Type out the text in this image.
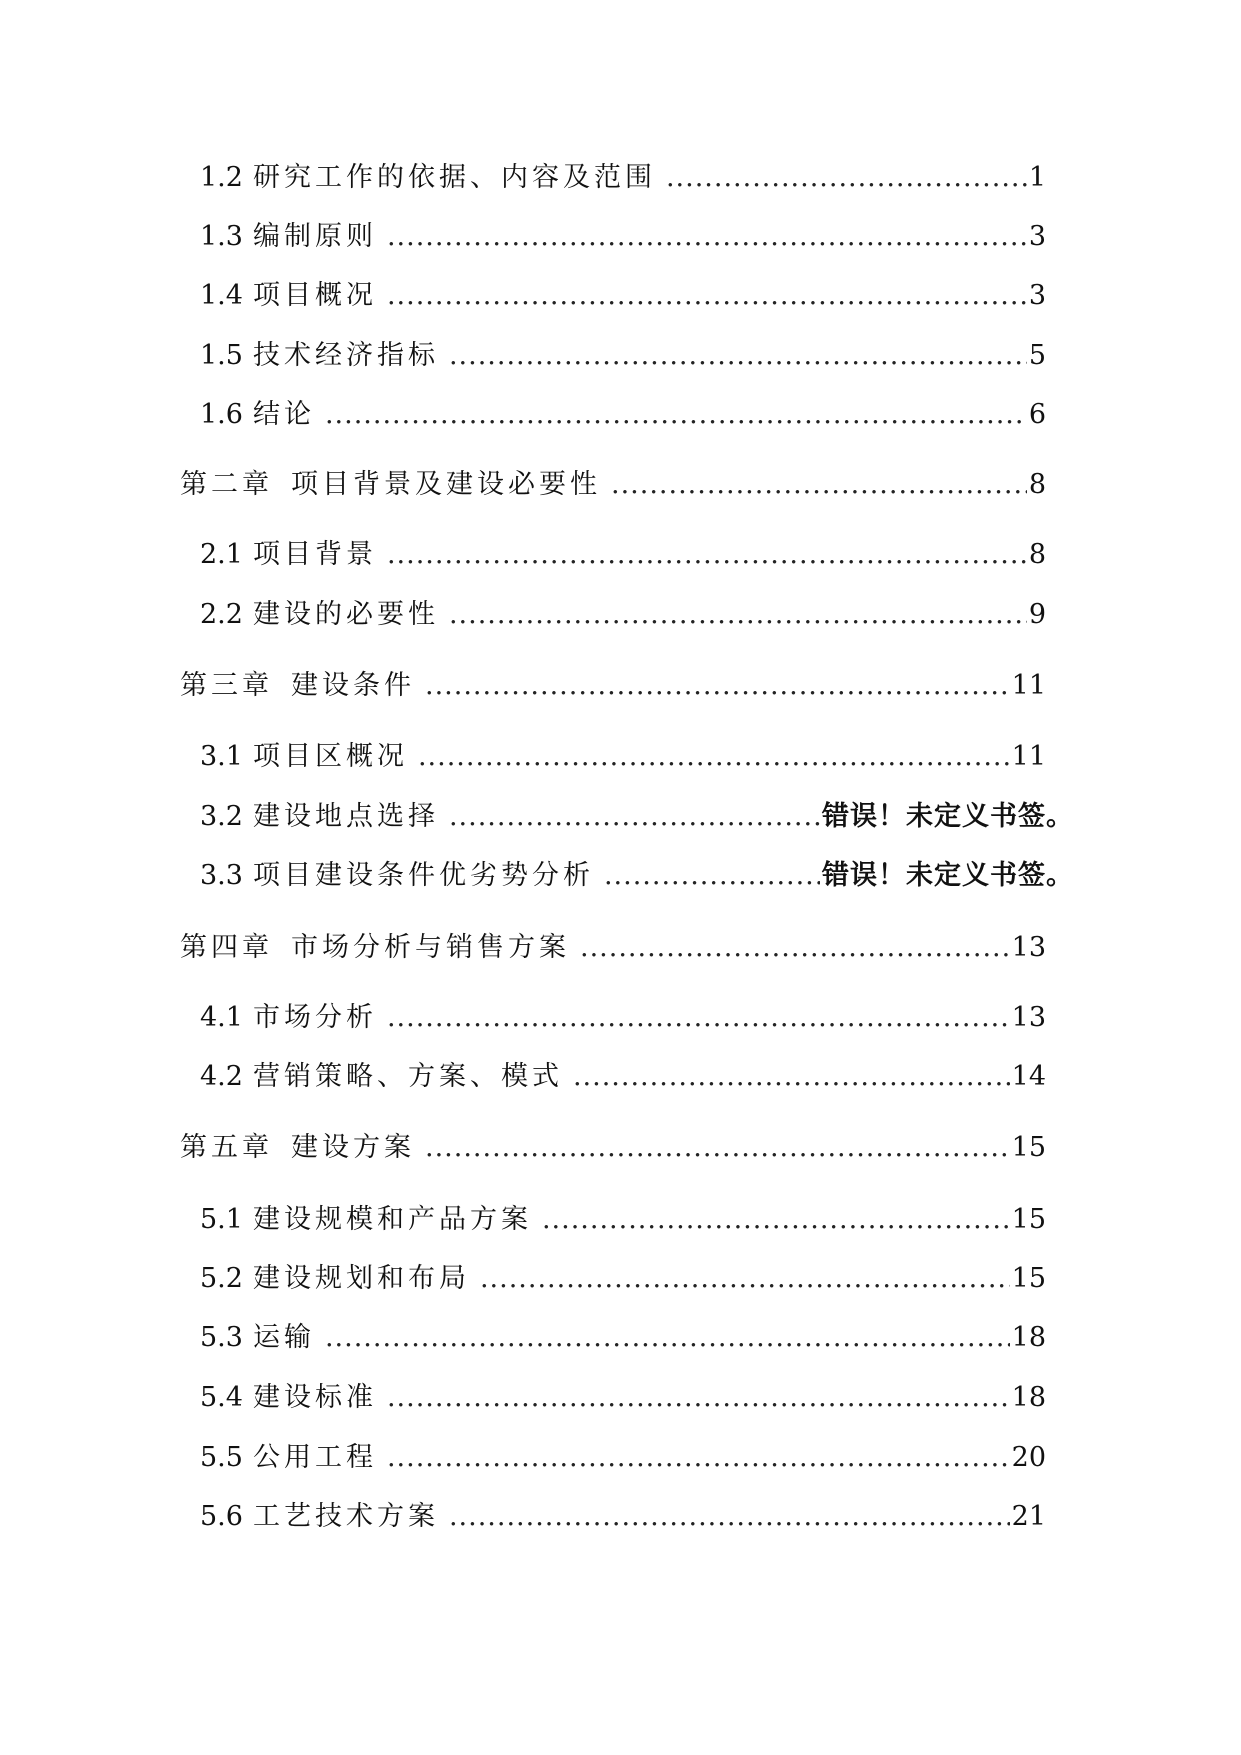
1.2 研究工作的依据、内容及范围 .....	1
1.3 编制原则 .....	3
1.4 项目概况 .....	3
1.5 技术经济指标 .....	5
1.6 结论 .....	6
第二章 项目背景及建设必要性 .....	8
2.1 项目背景 .....	8
2.2 建设的必要性 .....	9
第三章 建设条件 .....	11
3.1 项目区概况 .....	11
3.2 建设地点选择 .....	错误！未定义书签。
3.3 项目建设条件优劣势分析 .....	错误！未定义书签。
第四章 市场分析与销售方案 .....	13
4.1 市场分析 .....	13
4.2 营销策略、方案、模式 .....	14
第五章 建设方案 .....	15
5.1 建设规模和产品方案 .....	15
5.2 建设规划和布局 .....	15
5.3 运输 .....	18
5.4 建设标准 .....	18
5.5 公用工程 .....	20
5.6 工艺技术方案 .....	21
